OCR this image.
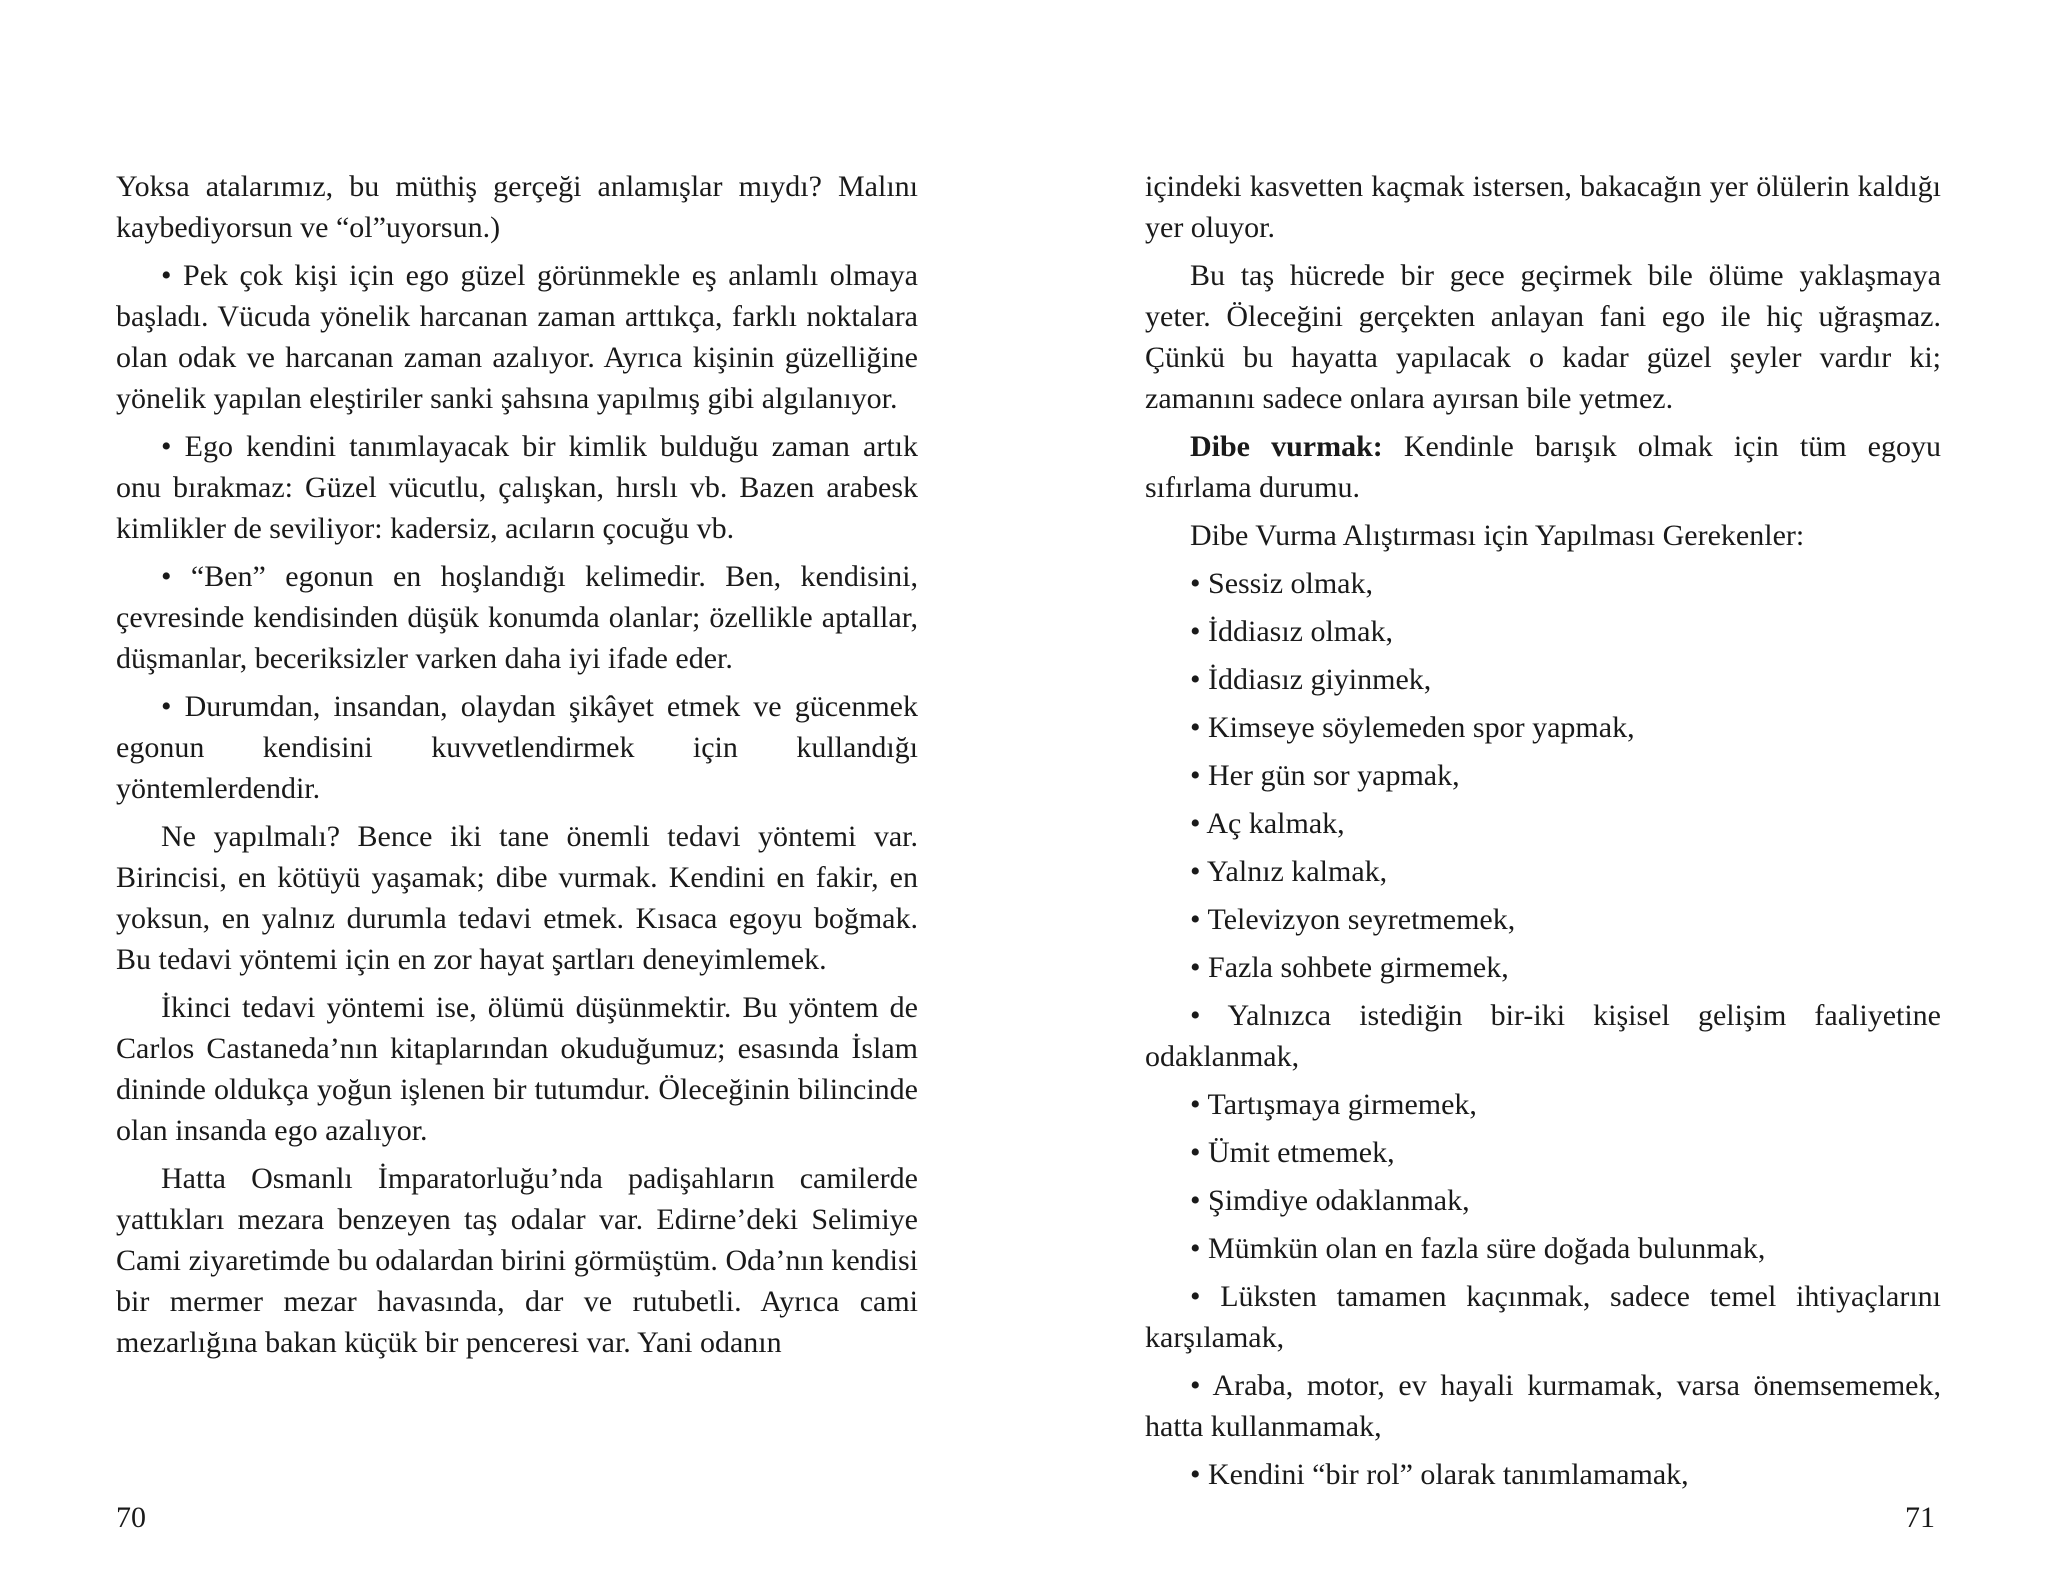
Yoksa atalarımız, bu müthiş gerçeği anlamışlar mıydı? Malını kaybediyorsun ve “ol”uyorsun.)

• Pek çok kişi için ego güzel görünmekle eş anlamlı olmaya başladı. Vücuda yönelik harcanan zaman arttıkça, farklı noktalara olan odak ve harcanan zaman azalıyor. Ayrıca kişinin güzelliğine yönelik yapılan eleştiriler sanki şahsına yapılmış gibi algılanıyor.

• Ego kendini tanımlayacak bir kimlik bulduğu zaman artık onu bırakmaz: Güzel vücutlu, çalışkan, hırslı vb. Bazen arabesk kimlikler de seviliyor: kadersiz, acıların çocuğu vb.

• “Ben” egonun en hoşlandığı kelimedir. Ben, kendisini, çevresinde kendisinden düşük konumda olanlar; özellikle aptallar, düşmanlar, beceriksizler varken daha iyi ifade eder.

• Durumdan, insandan, olaydan şikâyet etmek ve gücenmek egonun kendisini kuvvetlendirmek için kullandığı yöntemlerdendir.

Ne yapılmalı? Bence iki tane önemli tedavi yöntemi var. Birincisi, en kötüyü yaşamak; dibe vurmak. Kendini en fakir, en yoksun, en yalnız durumla tedavi etmek. Kısaca egoyu boğmak. Bu tedavi yöntemi için en zor hayat şartları deneyimlemek.

İkinci tedavi yöntemi ise, ölümü düşünmektir. Bu yöntem de Carlos Castaneda’nın kitaplarından okuduğumuz; esasında İslam dininde oldukça yoğun işlenen bir tutumdur. Öleceğinin bilincinde olan insanda ego azalıyor.

Hatta Osmanlı İmparatorluğu’nda padişahların camilerde yattıkları mezara benzeyen taş odalar var. Edirne’deki Selimiye Cami ziyaretimde bu odalardan birini görmüştüm. Oda’nın kendisi bir mermer mezar havasında, dar ve rutubetli. Ayrıca cami mezarlığına bakan küçük bir penceresi var. Yani odanın

70

içindeki kasvetten kaçmak istersen, bakacağın yer ölülerin kaldığı yer oluyor.

Bu taş hücrede bir gece geçirmek bile ölüme yaklaşmaya yeter. Öleceğini gerçekten anlayan fani ego ile hiç uğraşmaz. Çünkü bu hayatta yapılacak o kadar güzel şeyler vardır ki; zamanını sadece onlara ayırsan bile yetmez.

Dibe vurmak: Kendinle barışık olmak için tüm egoyu sıfırlama durumu.

Dibe Vurma Alıştırması için Yapılması Gerekenler:

• Sessiz olmak,

• İddiasız olmak,

• İddiasız giyinmek,

• Kimseye söylemeden spor yapmak,

• Her gün sor yapmak,

• Aç kalmak,

• Yalnız kalmak,

• Televizyon seyretmemek,

• Fazla sohbete girmemek,

• Yalnızca istediğin bir-iki kişisel gelişim faaliyetine odaklanmak,

• Tartışmaya girmemek,

• Ümit etmemek,

• Şimdiye odaklanmak,

• Mümkün olan en fazla süre doğada bulunmak,

• Lüksten tamamen kaçınmak, sadece temel ihtiyaçlarını karşılamak,

• Araba, motor, ev hayali kurmamak, varsa önemsememek, hatta kullanmamak,

• Kendini “bir rol” olarak tanımlamamak,

71
